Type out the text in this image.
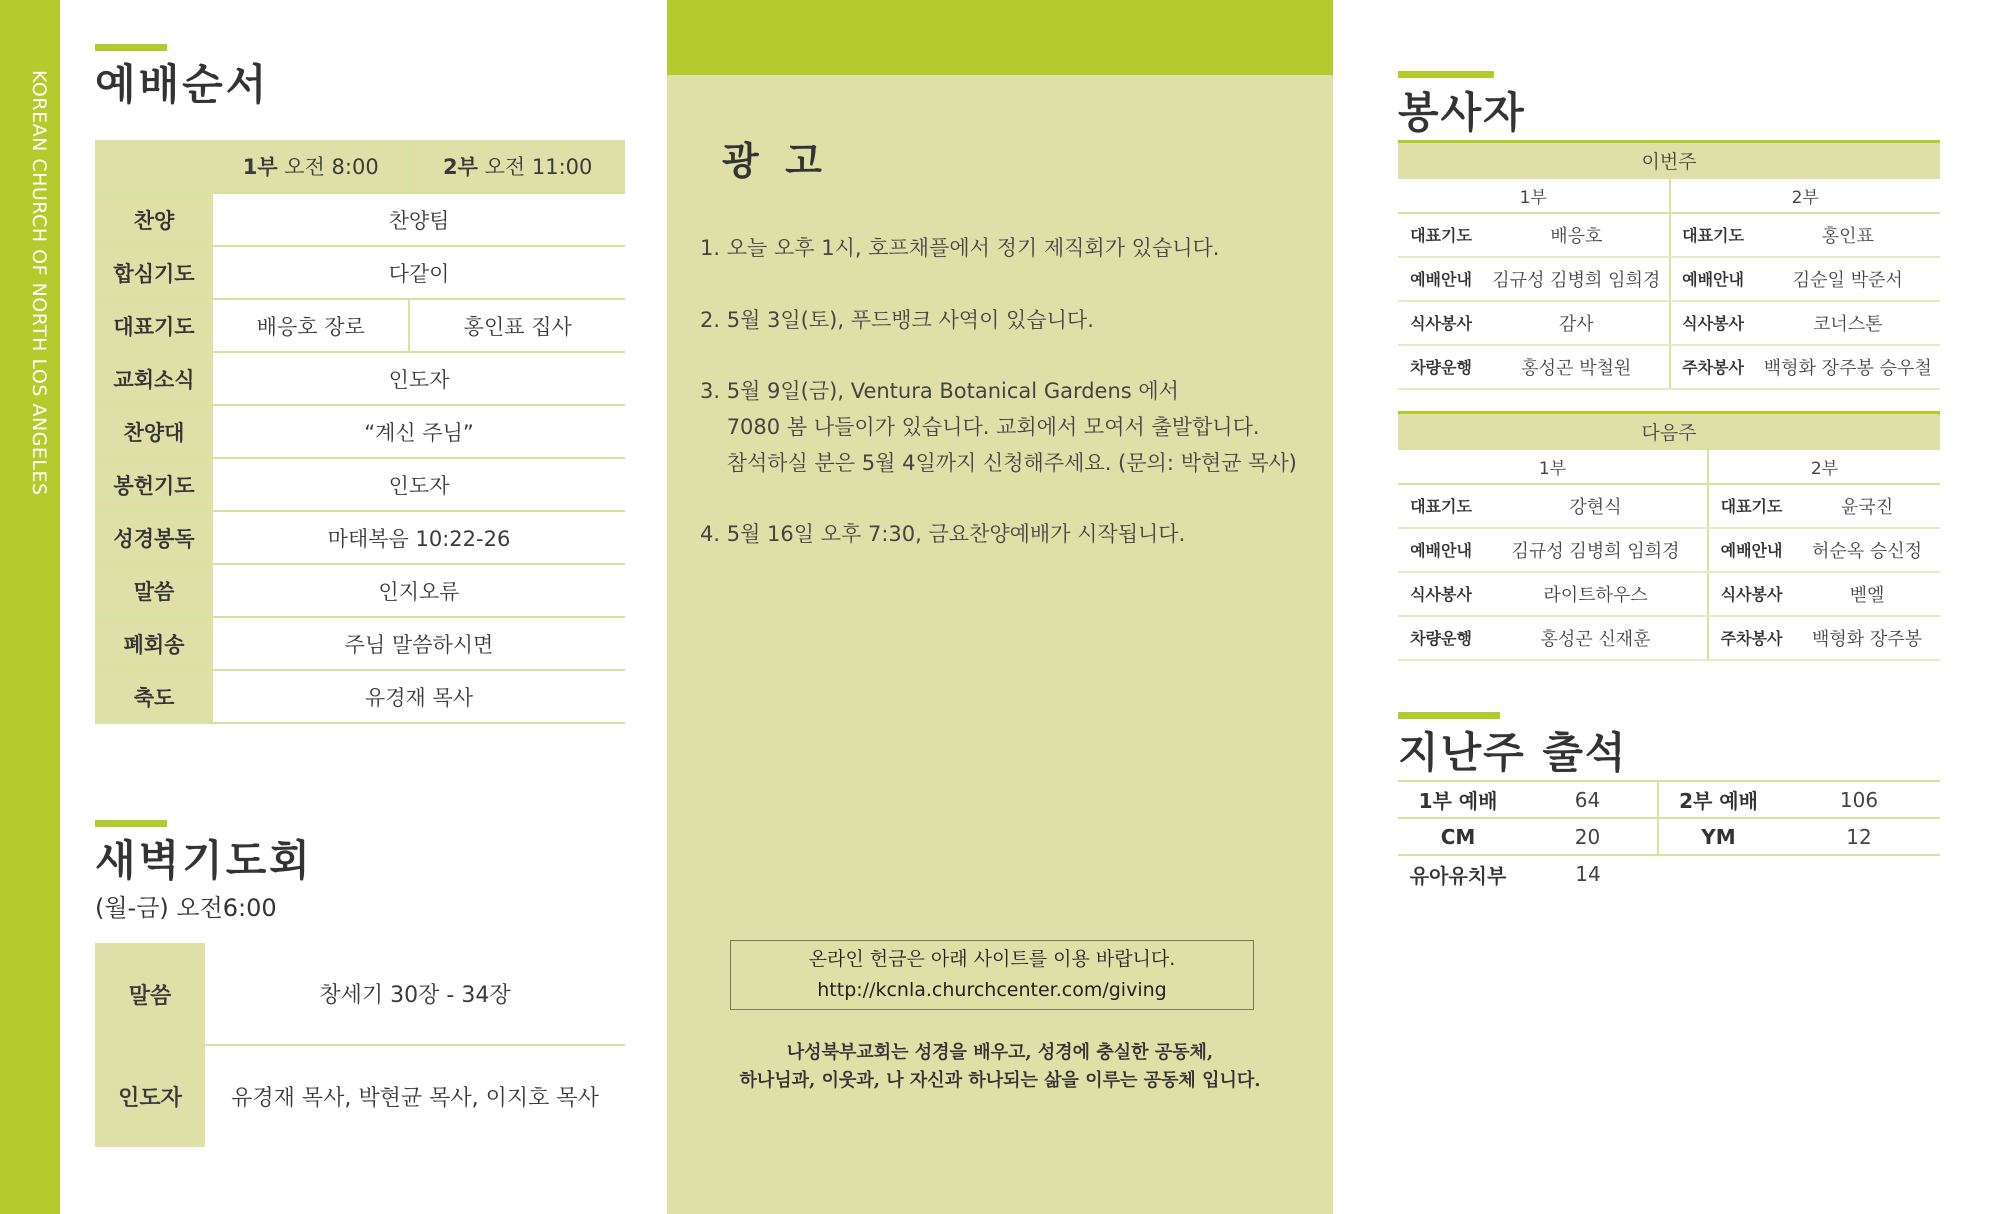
KOREAN CHURCH OF NORTH LOS ANGELES 예배순서
	1부 오전 8:00	2부 오전 11:00
찬양	찬양팀	
합심기도	다같이	
대표기도	배응호 장로	홍인표 집사
교회소식	인도자	
찬양대	“계신 주님”	
봉헌기도	인도자	
성경봉독	마태복음 10:22-26	
말씀	인지오류	
폐회송	주님 말씀하시면	
축도	유경재 목사	
새벽기도회
(월-금) 오전6:00
말씀	창세기 30장 - 34장
인도자	유경재 목사, 박현균 목사, 이지호 목사
광  고
1. 오늘 오후 1시, 호프채플에서 정기 제직회가 있습니다.
2. 5월 3일(토), 푸드뱅크 사역이 있습니다.
3. 5월 9일(금), Ventura Botanical Gardens 에서
7080 봄 나들이가 있습니다. 교회에서 모여서 출발합니다.
참석하실 분은 5월 4일까지 신청해주세요. (문의: 박현균 목사)
4. 5월 16일 오후 7:30, 금요찬양예배가 시작됩니다.
온라인 헌금은 아래 사이트를 이용 바랍니다.
http://kcnla.churchcenter.com/giving
나성북부교회는 성경을 배우고, 성경에 충실한 공동체,
하나님과, 이웃과, 나 자신과 하나되는 삶을 이루는 공동체 입니다.
봉사자
이번주			
1부		2부	
대표기도	배응호	대표기도	홍인표
예배안내	김규성 김병희 임희경	예배안내	김순일 박준서
식사봉사	감사	식사봉사	코너스톤
차량운행	홍성곤 박철원	주차봉사	백형화 장주봉 승우철
다음주			
1부		2부	
대표기도	강현식	대표기도	윤국진
예배안내	김규성 김병희 임희경	예배안내	허순옥 승신정
식사봉사	라이트하우스	식사봉사	벧엘
차량운행	홍성곤 신재훈	주차봉사	백형화 장주봉
지난주 출석
1부 예배	64	2부 예배	106
CM	20	YM	12
유아유치부	14		
